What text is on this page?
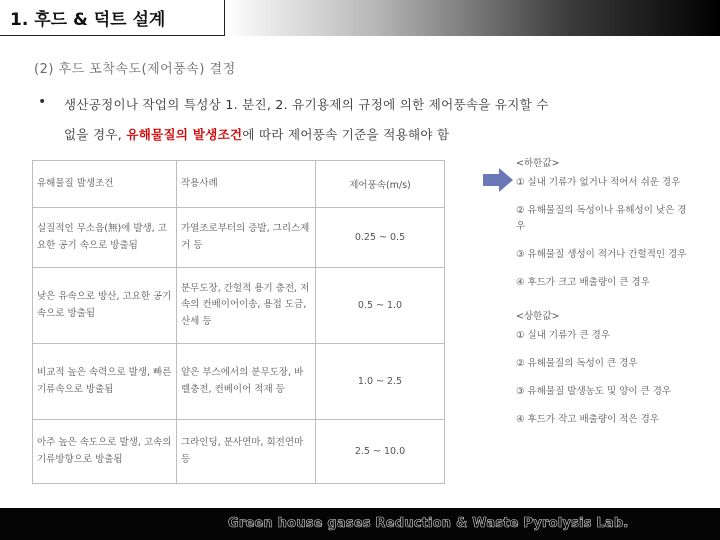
1. 후드 & 덕트 설계
(2) 후드 포착속도(제어풍속) 결정
• 생산공정이나 작업의 특성상 1. 분진, 2. 유기용제의 규정에 의한 제어풍속을 유지할 수
없을 경우, 유해물질의 발생조건에 따라 제어풍속 기준을 적용해야 함
유해물질 발생조건	작용사례	제어풍속(m/s)
실질적인 무소음(無)에 발생, 고요한 공기 속으로 방출됨	가열조로부터의 증발, 그리스제거 등	0.25 ~ 0.5
낮은 유속으로 방산, 고요한 공기속으로 방출됨	분무도장, 간헐적 용기 충전, 저속의 컨베이어이송, 용접 도금, 산세 등	0.5 ~ 1.0
비교적 높은 속력으로 발생, 빠른 기류속으로 방출됨	얕은 부스에서의 분무도장, 바렐충전, 컨베이어 적재 등	1.0 ~ 2.5
아주 높은 속도으로 발생, 고속의 기류방향으로 방출됨	그라인딩, 분사연마, 회전연마 등	2.5 ~ 10.0
<하한값>
① 실내 기류가 없거나 적어서 쉬운 경우
② 유해물질의 독성이나 유해성이 낮은 경우
③ 유해물질 생성이 적거나 간헐적인 경우
④ 후드가 크고 배출량이 큰 경우
<상한값>
① 실내 기류가 큰 경우
② 유해물질의 독성이 큰 경우
③ 유해물질 발생농도 및 양이 큰 경우
④ 후드가 작고 배출량이 적은 경우
Green house gases Reduction & Waste Pyrolysis Lab.
